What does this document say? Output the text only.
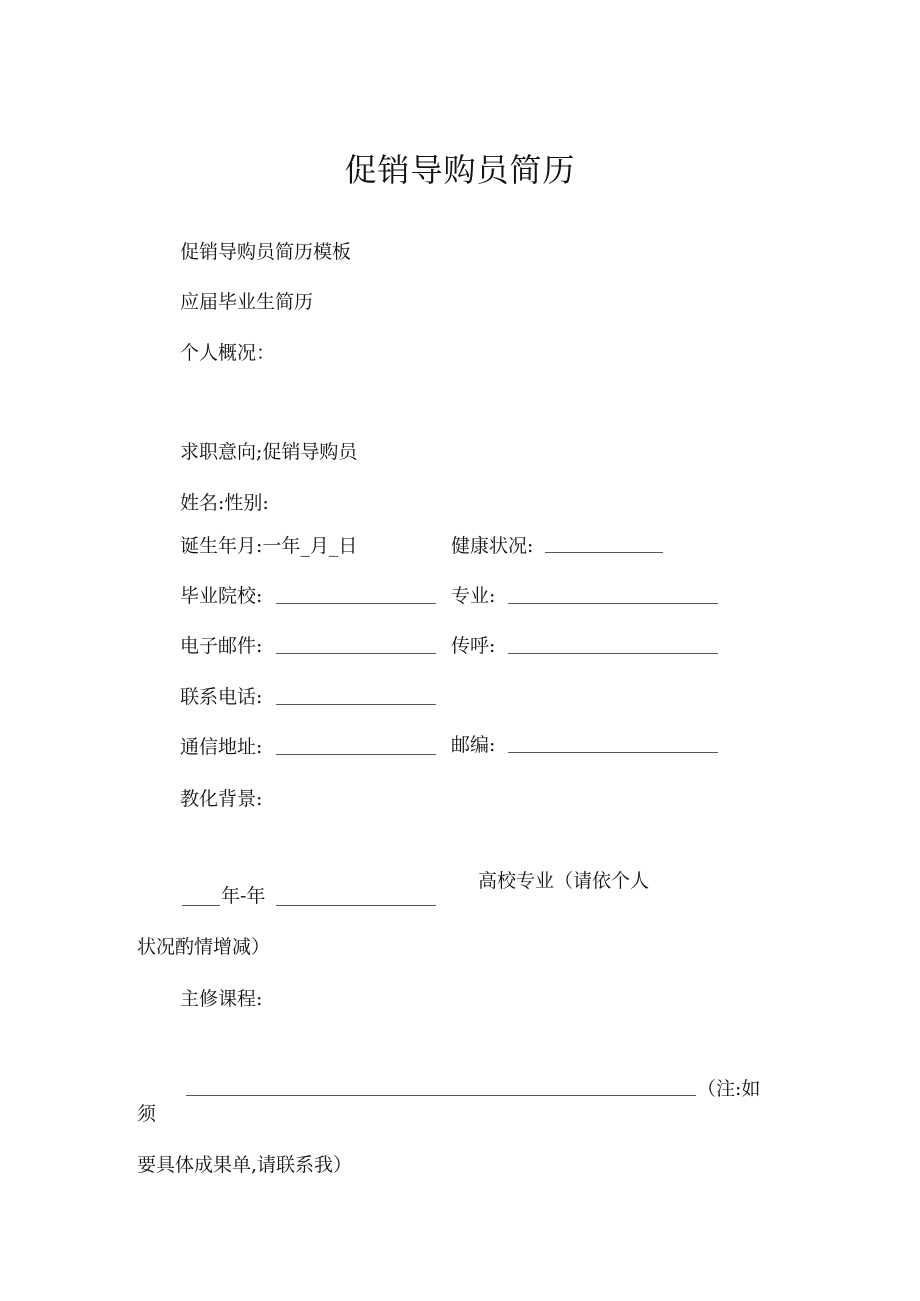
促销导购员简历
促销导购员简历模板
应届毕业生简历
个人概况：
求职意向;促销导购员
姓名:性别:
诞生年月:一年_月_日	健康状况:
毕业院校:	专业:
电子邮件:	传呼:
联系电话:
通信地址:	邮编:
教化背景:
高校专业（请依个人
年-年
状况酌情增减）
主修课程:
（注:如
须
要具体成果单,请联系我）
